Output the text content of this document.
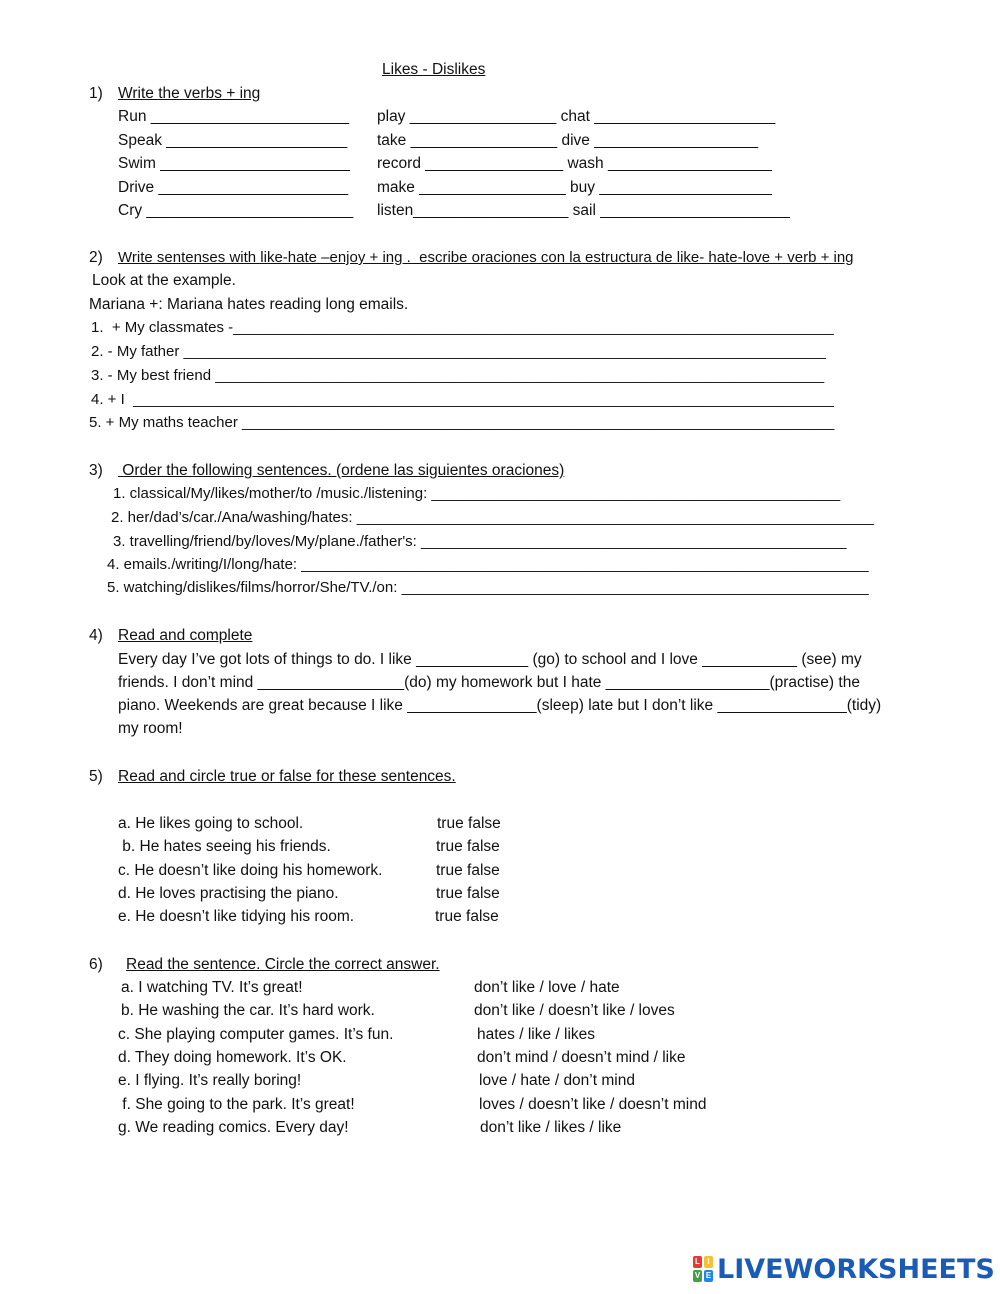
Likes - Dislikes
1) Write the verbs + ing
Run _______________________
Speak _____________________
Swim ______________________
Drive ______________________
Cry ________________________
play _________________ chat _____________________
take _________________ dive ___________________
record ________________ wash ___________________
make _________________ buy ____________________
listen__________________ sail ______________________
2) Write sentenses with like-hate –enjoy + ing .  escribe oraciones con la estructura de like- hate-love + verb + ing
Look at the example.
Mariana +: Mariana hates reading long emails.
1.  + My classmates -________________________________________________________________________
2. - My father _____________________________________________________________________________
3. - My best friend _________________________________________________________________________
4. + I  ____________________________________________________________________________________
5. + My maths teacher _______________________________________________________________________
3) Order the following sentences. (ordene las siguientes oraciones)
1. classical/My/likes/mother/to /music./listening: _________________________________________________
2. her/dad’s/car./Ana/washing/hates: ______________________________________________________________
3. travelling/friend/by/loves/My/plane./father's: ___________________________________________________
4. emails./writing/I/long/hate: ____________________________________________________________________
5. watching/dislikes/films/horror/She/TV./on: ________________________________________________________
4) Read and complete
Every day I’ve got lots of things to do. I like _____________ (go) to school and I love ___________ (see) my
friends. I don’t mind _________________(do) my homework but I hate ___________________(practise) the
piano. Weekends are great because I like _______________(sleep) late but I don’t like _______________(tidy)
my room!
5) Read and circle true or false for these sentences.
a. He likes going to school.
b. He hates seeing his friends.
c. He doesn’t like doing his homework.
d. He loves practising the piano.
e. He doesn’t like tidying his room.
true false
true false
true false
true false
true false
6) Read the sentence. Circle the correct answer.
a. I watching TV. It’s great!
b. He washing the car. It’s hard work.
c. She playing computer games. It’s fun.
d. They doing homework. It’s OK.
e. I flying. It’s really boring!
f. She going to the park. It’s great!
g. We reading comics. Every day!
don’t like / love / hate
don’t like / doesn’t like / loves
hates / like / likes
don’t mind / doesn’t mind / like
love / hate / don’t mind
loves / doesn’t like / doesn’t mind
don’t like / likes / like
L I
V E LIVEWORKSHEETS
